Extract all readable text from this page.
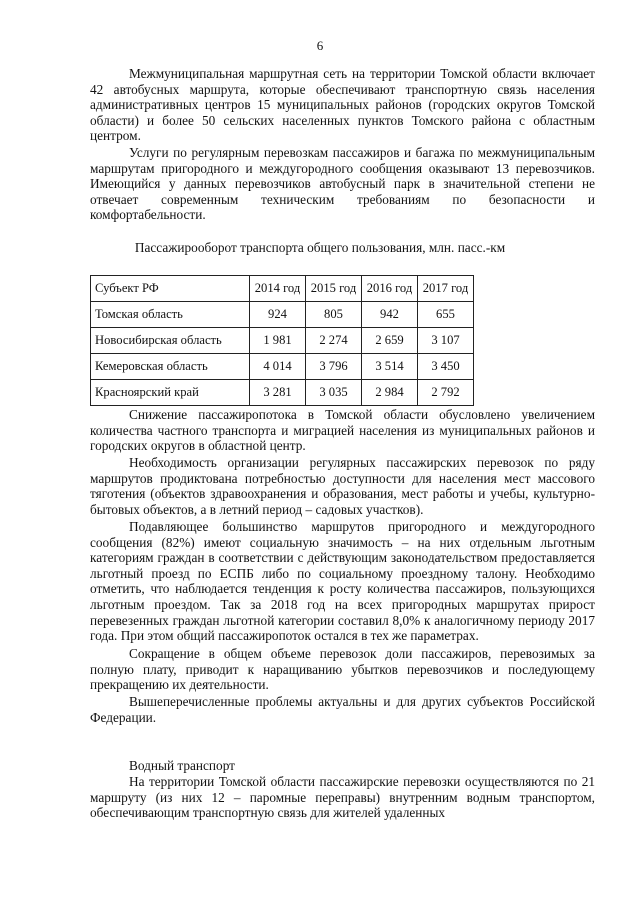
6

Межмуниципальная маршрутная сеть на территории Томской области включает 42 автобусных маршрута, которые обеспечивают транспортную связь населения административных центров 15 муниципальных районов (городских округов Томской области) и более 50 сельских населенных пунктов Томского района с областным центром.

Услуги по регулярным перевозкам пассажиров и багажа по межмуниципальным маршрутам пригородного и междугородного сообщения оказывают 13 перевозчиков. Имеющийся у данных перевозчиков автобусный парк в значительной степени не отвечает современным техническим требованиям по безопасности и комфортабельности.

Пассажирооборот транспорта общего пользования, млн. пасс.-км

Субъект РФ	2014 год	2015 год	2016 год	2017 год
Томская область	924	805	942	655
Новосибирская область	1 981	2 274	2 659	3 107
Кемеровская область	4 014	3 796	3 514	3 450
Красноярский край	3 281	3 035	2 984	2 792

Снижение пассажиропотока в Томской области обусловлено увеличением количества частного транспорта и миграцией населения из муниципальных районов и городских округов в областной центр.

Необходимость организации регулярных пассажирских перевозок по ряду маршрутов продиктована потребностью доступности для населения мест массового тяготения (объектов здравоохранения и образования, мест работы и учебы, культурно-бытовых объектов, а в летний период – садовых участков).

Подавляющее большинство маршрутов пригородного и междугородного сообщения (82%) имеют социальную значимость – на них отдельным льготным категориям граждан в соответствии с действующим законодательством предоставляется льготный проезд по ЕСПБ либо по социальному проездному талону. Необходимо отметить, что наблюдается тенденция к росту количества пассажиров, пользующихся льготным проездом. Так за 2018 год на всех пригородных маршрутах прирост перевезенных граждан льготной категории составил 8,0% к аналогичному периоду 2017 года. При этом общий пассажиропоток остался в тех же параметрах.

Сокращение в общем объеме перевозок доли пассажиров, перевозимых за полную плату, приводит к наращиванию убытков перевозчиков и последующему прекращению их деятельности.

Вышеперечисленные проблемы актуальны и для других субъектов Российской Федерации.

Водный транспорт

На территории Томской области пассажирские перевозки осуществляются по 21 маршруту (из них 12 – паромные переправы) внутренним водным транспортом, обеспечивающим транспортную связь для жителей удаленных
